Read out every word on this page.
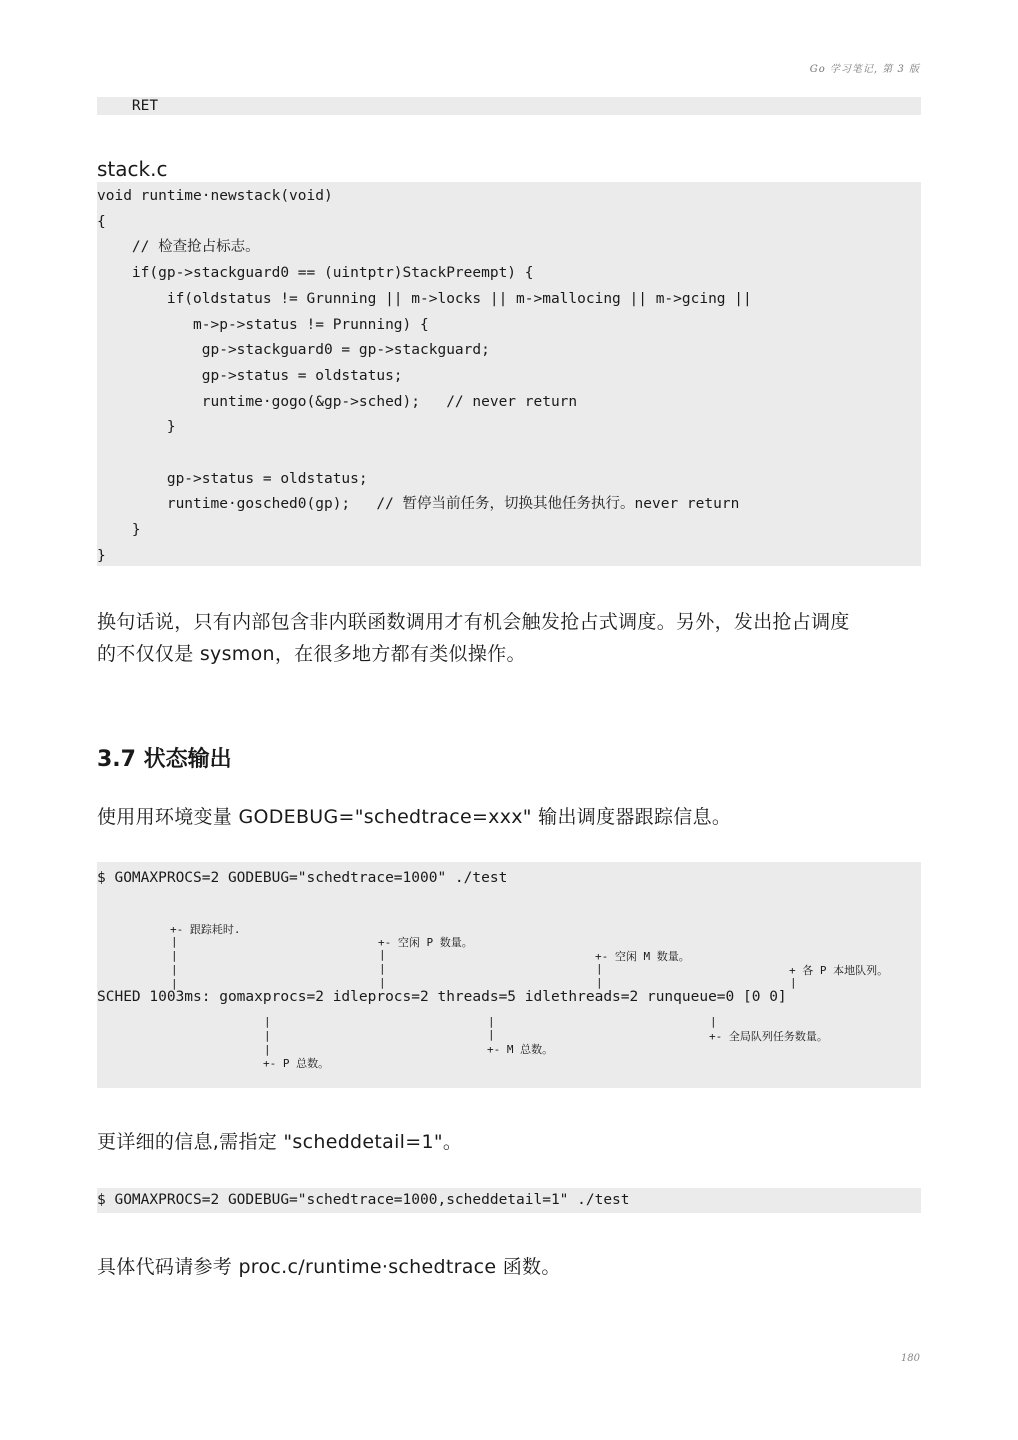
Go 学习笔记, 第 3 版
RET
stack.c
void runtime·newstack(void)
{
// 检查抢占标志。
if(gp->stackguard0 == (uintptr)StackPreempt) {
if(oldstatus != Grunning || m->locks || m->mallocing || m->gcing ||
m->p->status != Prunning) {
gp->stackguard0 = gp->stackguard;
gp->status = oldstatus;
runtime·gogo(&gp->sched);   // never return
}

gp->status = oldstatus;
runtime·gosched0(gp);   // 暂停当前任务，切换其他任务执行。never return
}
}
换句话说，只有内部包含非内联函数调用才有机会触发抢占式调度。另外，发出抢占调度
的不仅仅是 sysmon，在很多地方都有类似操作。
3.7 状态输出
使用用环境变量 GODEBUG="schedtrace=xxx" 输出调度器跟踪信息。
$ GOMAXPROCS=2 GODEBUG="schedtrace=1000" ./test
+- 跟踪耗时.
|
|
|
|
+- 空闲 P 数量。
|
|
|
+- 空闲 M 数量。
|
|
+ 各 P 本地队列。
|
SCHED 1003ms: gomaxprocs=2 idleprocs=2 threads=5 idlethreads=2 runqueue=0 [0 0]
|
|
+- P 总数。
|
|
|
+- M 总数。
|
+- 全局队列任务数量。
更详细的信息,需指定 "scheddetail=1"。
$ GOMAXPROCS=2 GODEBUG="schedtrace=1000,scheddetail=1" ./test
具体代码请参考 proc.c/runtime·schedtrace 函数。
180
